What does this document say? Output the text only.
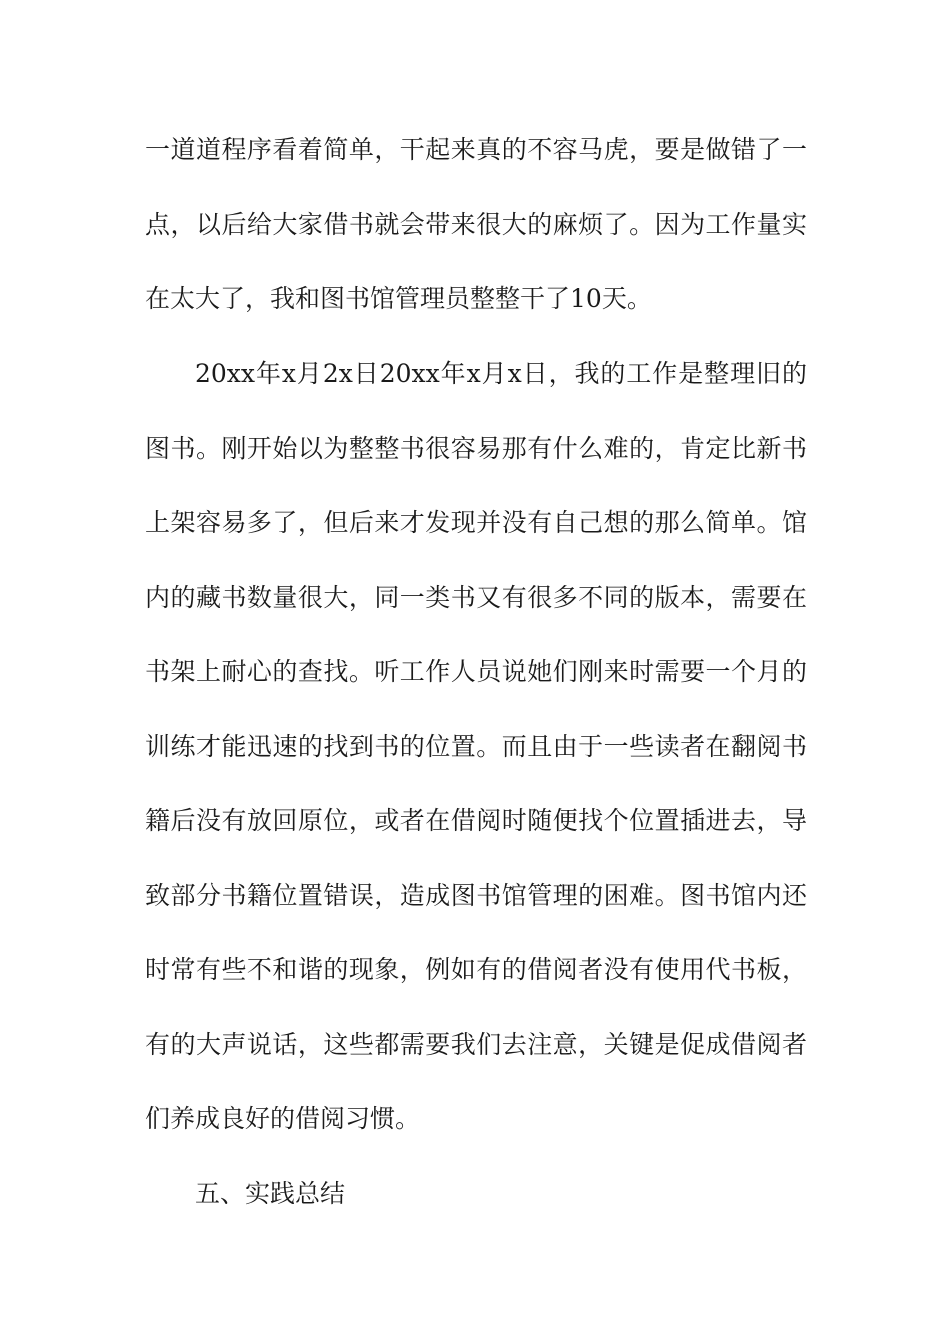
一道道程序看着简单，干起来真的不容马虎，要是做错了一点，以后给大家借书就会带来很大的麻烦了。因为工作量实在太大了，我和图书馆管理员整整干了10天。

20xx年x月2x日20xx年x月x日，我的工作是整理旧的图书。刚开始以为整整书很容易那有什么难的，肯定比新书上架容易多了，但后来才发现并没有自己想的那么简单。馆内的藏书数量很大，同一类书又有很多不同的版本，需要在书架上耐心的查找。听工作人员说她们刚来时需要一个月的训练才能迅速的找到书的位置。而且由于一些读者在翻阅书籍后没有放回原位，或者在借阅时随便找个位置插进去，导致部分书籍位置错误，造成图书馆管理的困难。图书馆内还时常有些不和谐的现象，例如有的借阅者没有使用代书板，有的大声说话，这些都需要我们去注意，关键是促成借阅者们养成良好的借阅习惯。

五、实践总结
